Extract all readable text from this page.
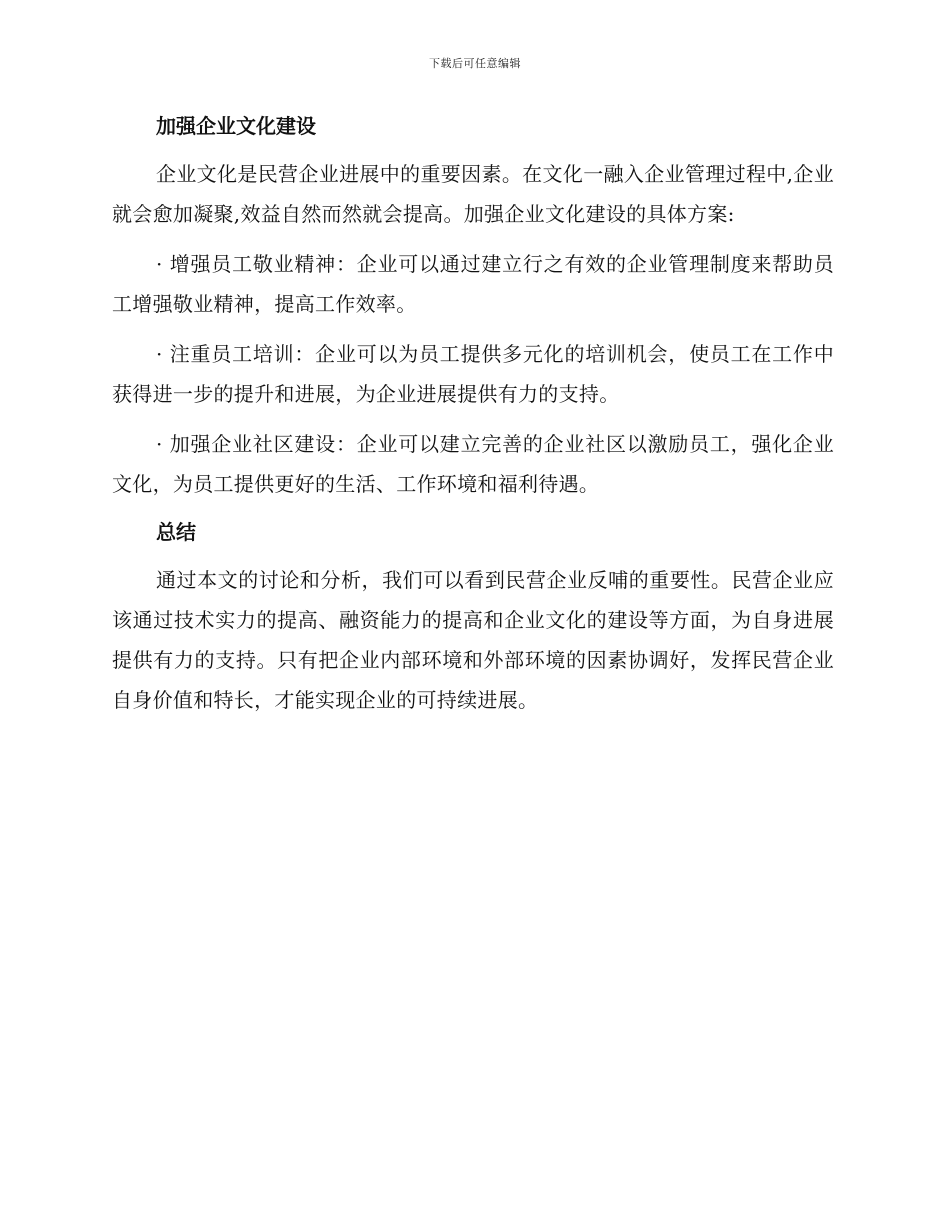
下载后可任意编辑
加强企业文化建设

企业文化是民营企业进展中的重要因素。在文化一融入企业管理过程中,企业就会愈加凝聚,效益自然而然就会提高。加强企业文化建设的具体方案:

· 增强员工敬业精神：企业可以通过建立行之有效的企业管理制度来帮助员工增强敬业精神，提高工作效率。

· 注重员工培训：企业可以为员工提供多元化的培训机会，使员工在工作中获得进一步的提升和进展，为企业进展提供有力的支持。

· 加强企业社区建设：企业可以建立完善的企业社区以激励员工，强化企业文化，为员工提供更好的生活、工作环境和福利待遇。

总结

通过本文的讨论和分析，我们可以看到民营企业反哺的重要性。民营企业应该通过技术实力的提高、融资能力的提高和企业文化的建设等方面，为自身进展提供有力的支持。只有把企业内部环境和外部环境的因素协调好，发挥民营企业自身价值和特长，才能实现企业的可持续进展。
